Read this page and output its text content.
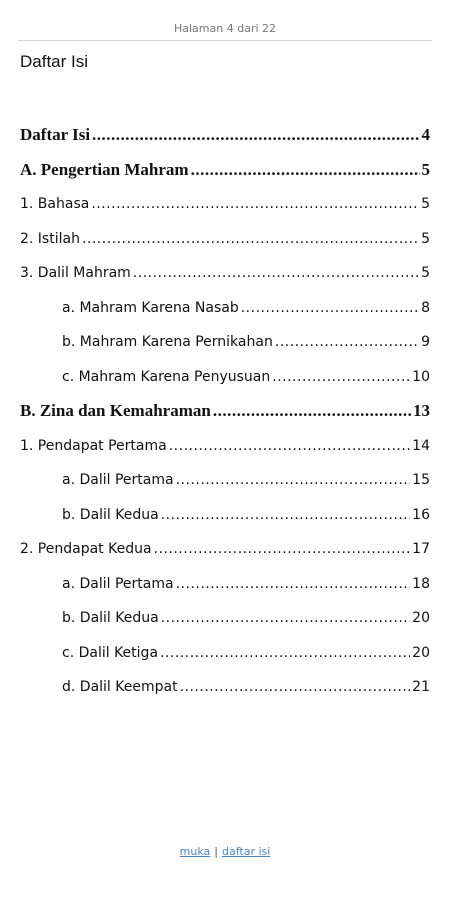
Halaman 4 dari 22
Daftar Isi
Daftar Isi .....	4
A. Pengertian Mahram .....	5
1. Bahasa .....	5
2. Istilah .....	5
3. Dalil Mahram .....	5
a. Mahram Karena Nasab .....	8
b. Mahram Karena Pernikahan .....	9
c. Mahram Karena Penyusuan .....	10
B. Zina dan Kemahraman .....	13
1. Pendapat Pertama .....	14
a. Dalil Pertama .....	15
b. Dalil Kedua .....	16
2. Pendapat Kedua .....	17
a. Dalil Pertama .....	18
b. Dalil Kedua .....	20
c. Dalil Ketiga .....	20
d. Dalil Keempat .....	21
muka | daftar isi
